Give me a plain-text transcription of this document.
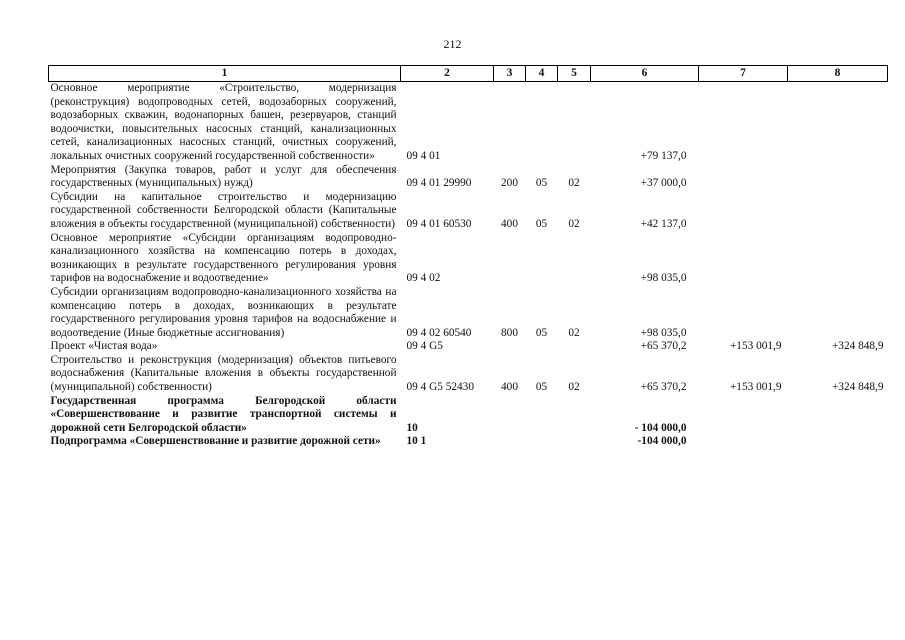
212
1	2	3	4	5	6	7	8
Основное мероприятие «Строительство, модернизация (реконструкция) водопроводных сетей, водозаборных сооружений, водозаборных скважин, водонапорных башен, резервуаров, станций водоочистки, повысительных насосных станций, канализационных сетей, канализационных насосных станций, очистных сооружений, локальных очистных сооружений государственной собственности»	09 4 01				+79 137,0		
Мероприятия (Закупка товаров, работ и услуг для обеспечения государственных (муниципальных) нужд)	09 4 01 29990	200	05	02	+37 000,0		
Субсидии на капитальное строительство и модернизацию государственной собственности Белгородской области (Капитальные вложения в объекты государственной (муниципальной) собственности)	09 4 01 60530	400	05	02	+42 137,0		
Основное мероприятие «Субсидии организациям водопроводно-канализационного хозяйства на компенсацию потерь в доходах, возникающих в результате государственного регулирования уровня тарифов на водоснабжение и водоотведение»	09 4 02				+98 035,0		
Субсидии организациям водопроводно-канализационного хозяйства на компенсацию потерь в доходах, возникающих в результате государственного регулирования уровня тарифов на водоснабжение и водоотведение (Иные бюджетные ассигнования)	09 4 02 60540	800	05	02	+98 035,0		
Проект «Чистая вода»	09 4 G5				+65 370,2	+153 001,9	+324 848,9
Строительство и реконструкция (модернизация) объектов питьевого водоснабжения (Капитальные вложения в объекты государственной (муниципальной) собственности)	09 4 G5 52430	400	05	02	+65 370,2	+153 001,9	+324 848,9
Государственная программа Белгородской области «Совершенствование и развитие транспортной системы и дорожной сети Белгородской области»	10				- 104 000,0		
Подпрограмма «Совершенствование и развитие дорожной сети»	10 1				-104 000,0		
